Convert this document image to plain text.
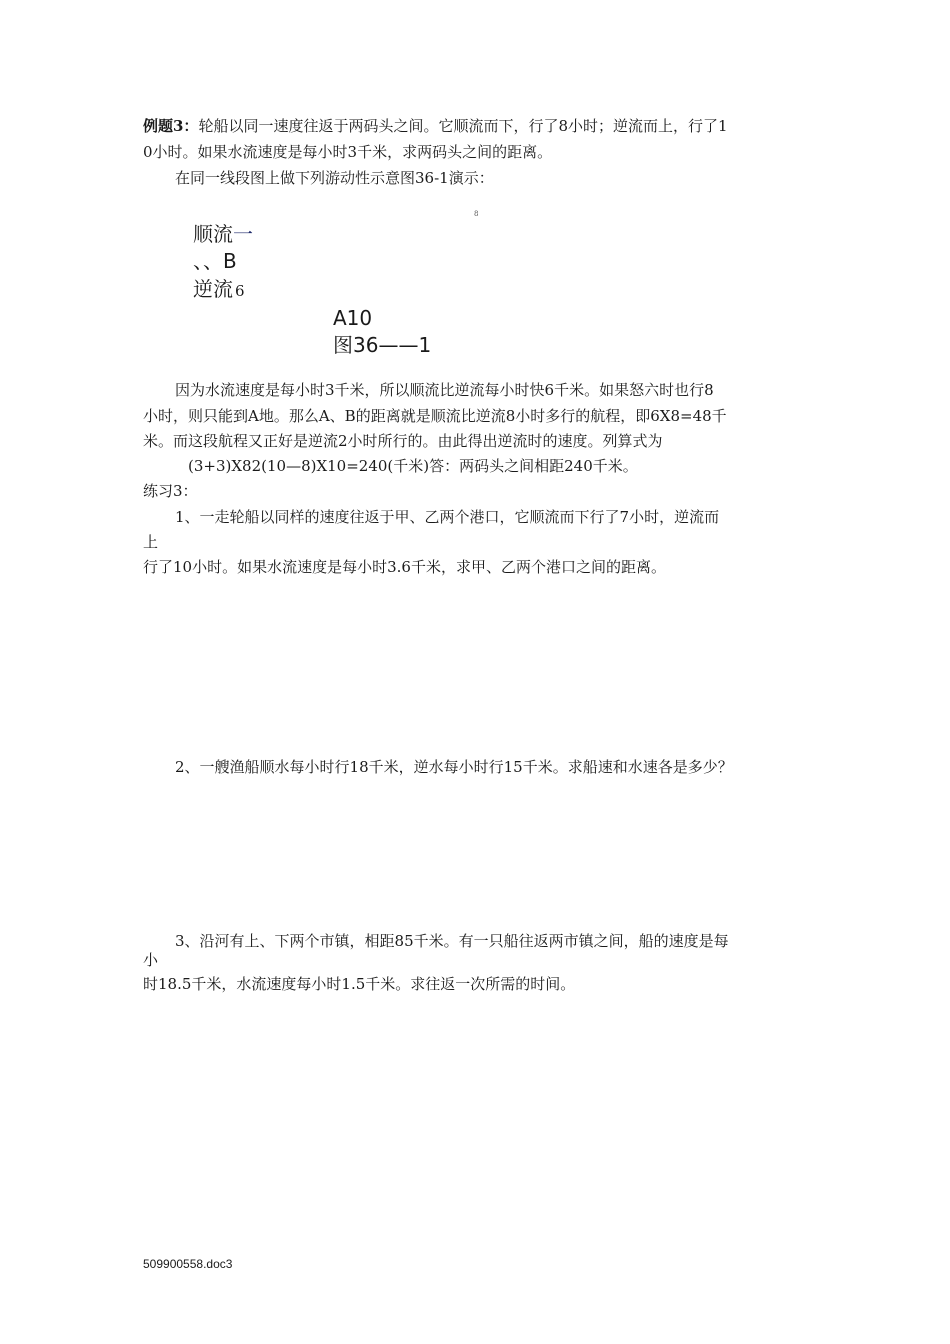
例题3：轮船以同一速度往返于两码头之间。它顺流而下，行了8小时；逆流而上，行了1
0小时。如果水流速度是每小时3千米，求两码头之间的距离。
在同一线段图上做下列游动性示意图36-1演示：
8
顺流一
、、B
逆流 6
A10
图36——1
因为水流速度是每小时3千米，所以顺流比逆流每小时快6千米。如果怒六时也行8
小时，则只能到A地。那么A、B的距离就是顺流比逆流8小时多行的航程，即6X8=48千
米。而这段航程又正好是逆流2小时所行的。由此得出逆流时的速度。列算式为
(3+3)X82(10—8)X10=240(千米)答：两码头之间相距240千米。
练习3：
1、一走轮船以同样的速度往返于甲、乙两个港口，它顺流而下行了7小时，逆流而
上
行了10小时。如果水流速度是每小时3.6千米，求甲、乙两个港口之间的距离。
2、一艘渔船顺水每小时行18千米，逆水每小时行15千米。求船速和水速各是多少？
3、沿河有上、下两个市镇，相距85千米。有一只船往返两市镇之间，船的速度是每
小
时18.5千米，水流速度每小时1.5千米。求往返一次所需的时间。
509900558.doc3
